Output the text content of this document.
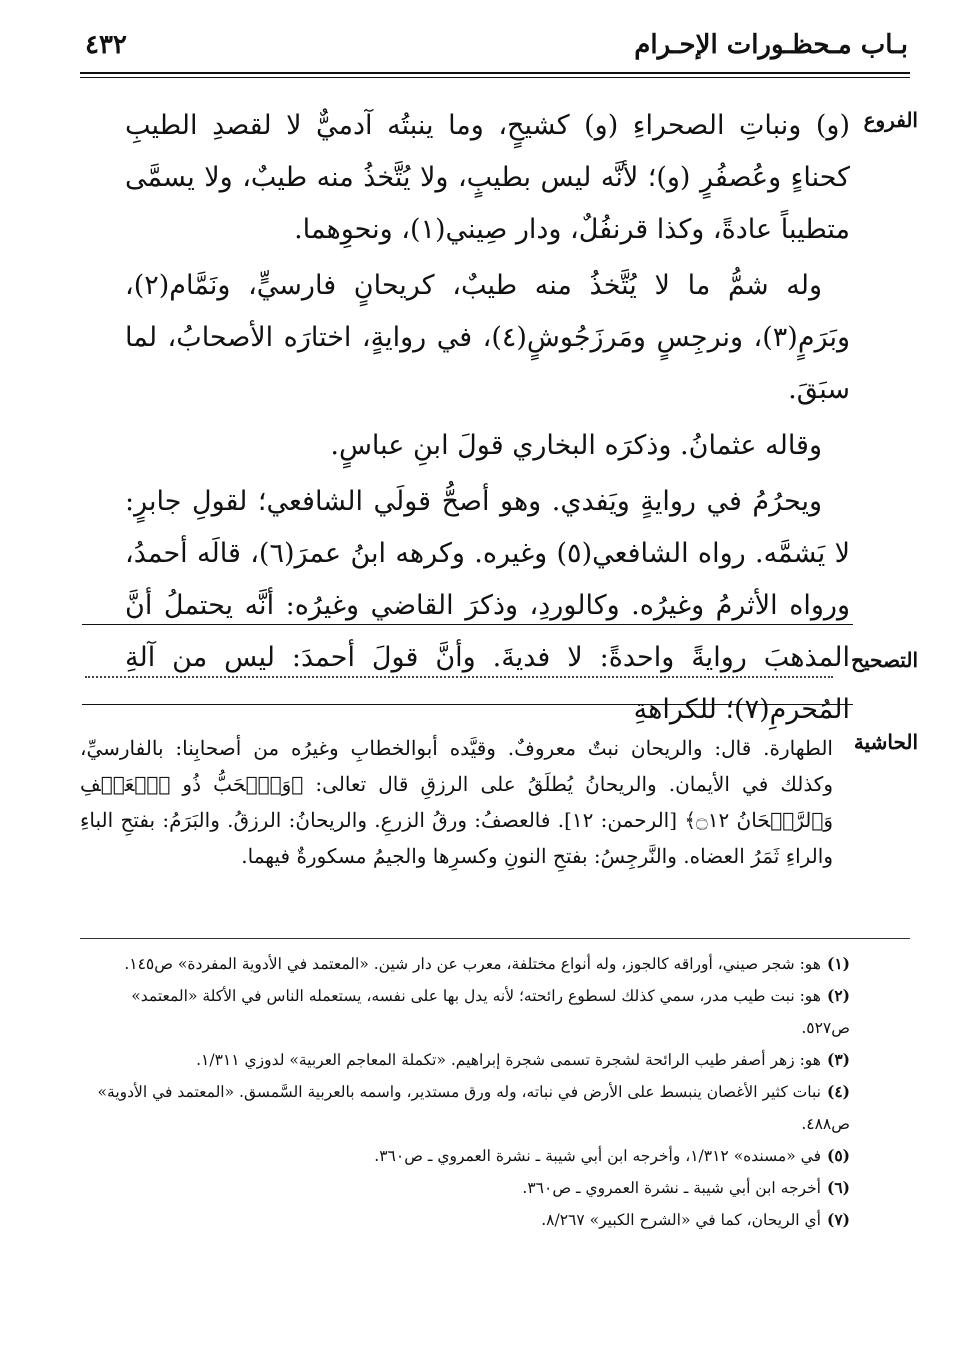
بـاب مـحظـورات الإحـرام
٤٣٢
الفروع

(و) ونباتِ الصحراءِ (و) كشيحٍ، وما ينبتُه آدميٌّ لا لقصدِ الطيبِ كحناءٍ وعُصفُرٍ (و)؛ لأنَّه ليس بطيبٍ، ولا يُتَّخذُ منه طيبٌ، ولا يسمَّى متطيباً عادةً، وكذا قرنفُلٌ، ودار صِيني(١)، ونحوِهما.

وله شمُّ ما لا يُتَّخذُ منه طيبٌ، كريحانٍ فارسيٍّ، ونَمَّام(٢)، وبَرَمٍ(٣)، ونرجِسٍ ومَرزَجُوشٍ(٤)، في روايةٍ، اختارَه الأصحابُ، لما سبَقَ.

وقاله عثمانُ. وذكرَه البخاري قولَ ابنِ عباسٍ.

ويحرُمُ في روايةٍ ويَفدي. وهو أصحُّ قولَي الشافعي؛ لقولِ جابرٍ: لا يَشمَّه. رواه الشافعي(٥) وغيره. وكرهه ابنُ عمرَ(٦)، قالَه أحمدُ، ورواه الأثرمُ وغيرُه. وكالوردِ، وذكرَ القاضي وغيرُه: أنَّه يحتملُ أنَّ المذهبَ روايةً واحدةً: لا فديةَ. وأنَّ قولَ أحمدَ: ليس من آلةِ المُحرمِ(٧)؛ للكراهةِ

التصحيح
الحاشية
الطهارة. قال: والريحان نبتٌ معروفٌ. وقيَّده أبوالخطابِ وغيرُه من أصحابِنا: بالفارسيِّ، وكذلك في الأيمان. والريحانُ يُطلَقُ على الرزقِ قال تعالى: ﴿وَٱلۡحَبُّ ذُو ٱلۡعَصۡفِ وَٱلرَّيۡحَانُ ۝١٢﴾ [الرحمن: ١٢]. فالعصفُ: ورقُ الزرعِ. والريحانُ: الرزقُ. والبَرَمُ: بفتحِ الباءِ والراءِ ثَمَرُ العضاه. والنَّرجِسُ: بفتحِ النونِ وكسرِها والجيمُ مسكورةٌ فيهما.
(١)هو: شجر صيني، أوراقه كالجوز، وله أنواع مختلفة، معرب عن دار شين. «المعتمد في الأدوية المفردة» ص١٤٥.
(٢)هو: نبت طيب مدر، سمي كذلك لسطوع رائحته؛ لأنه يدل بها على نفسه، يستعمله الناس في الأكلة «المعتمد» ص٥٢٧.
(٣)هو: زهر أصفر طيب الرائحة لشجرة تسمى شجرة إبراهيم. «تكملة المعاجم العربية» لدوزي ١/٣١١.
(٤)نبات كثير الأغصان ينبسط على الأرض في نباته، وله ورق مستدير، واسمه بالعربية السَّمسق. «المعتمد في الأدوية» ص٤٨٨.
(٥)في «مسنده» ١/٣١٢، وأخرجه ابن أبي شيبة ـ نشرة العمروي ـ ص٣٦٠.
(٦)أخرجه ابن أبي شيبة ـ نشرة العمروي ـ ص٣٦٠.
(٧)أي الريحان، كما في «الشرح الكبير» ٨/٢٦٧.
